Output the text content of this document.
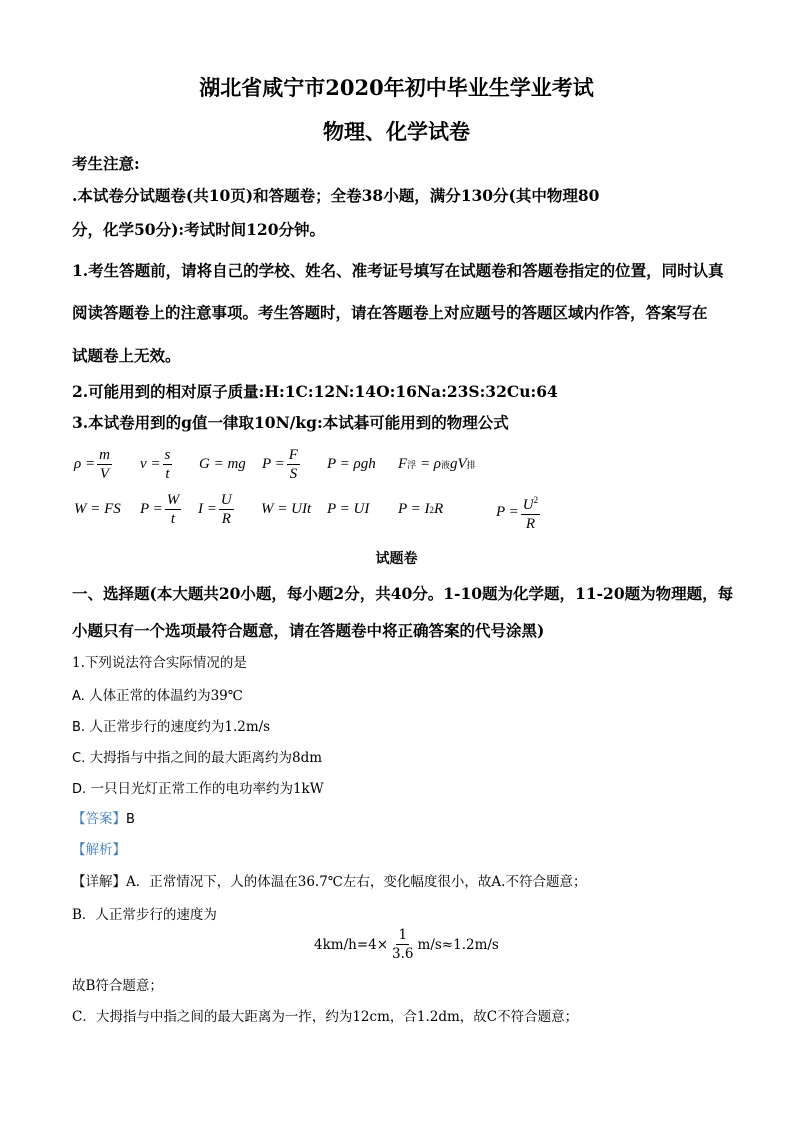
湖北省咸宁市2020年初中毕业生学业考试
物理、化学试卷
考生注意:
.本试卷分试题卷(共10页)和答题卷；全卷38小题，满分130分(其中物理80
分，化学50分):考试时间120分钟。
1.考生答题前，请将自己的学校、姓名、准考证号填写在试题卷和答题卷指定的位置，同时认真
阅读答题卷上的注意事项。考生答题时，请在答题卷上对应题号的答题区域内作答，答案写在
试题卷上无效。
2.可能用到的相对原子质量:H:1C:12N:14O:16Na:23S:32Cu:64
3.本试卷用到的g值一律取10N/kg:本试碁可能用到的物理公式
$\rho = \frac{m}{V}$ $v = \frac{s}{t}$ G = mg $P = \frac{F}{S}$ P = ρgh F 浮 = ρ 液 gV 排
W = FS $P = \frac{W}{t}$ $I = \frac{U}{R}$ W = UIt P = UI P = I 2 R	$P = \frac{U^2}{R}$
试题卷
一、选择题(本大题共20小题，每小题2分，共40分。1-10题为化学题，11-20题为物理题，每
小题只有一个选项最符合题意，请在答题卷中将正确答案的代号涂黑)
1.下列说法符合实际情况的是
A. 人体正常的体温约为39℃
B. 人正常步行的速度约为1.2m/s
C. 大拇指与中指之间的最大距离约为8dm
D. 一只日光灯正常工作的电功率约为1kW
【答案】B
【解析】
【详解】A．正常情况下，人的体温在36.7℃左右，变化幅度很小，故A.不符合题意；
B．人正常步行的速度为
$4km/h=4\times \frac{1}{3.6} m/s\approx 1.2m/s$
故B符合题意；
C．大拇指与中指之间的最大距离为一拃，约为12cm，合1.2dm，故C不符合题意；
